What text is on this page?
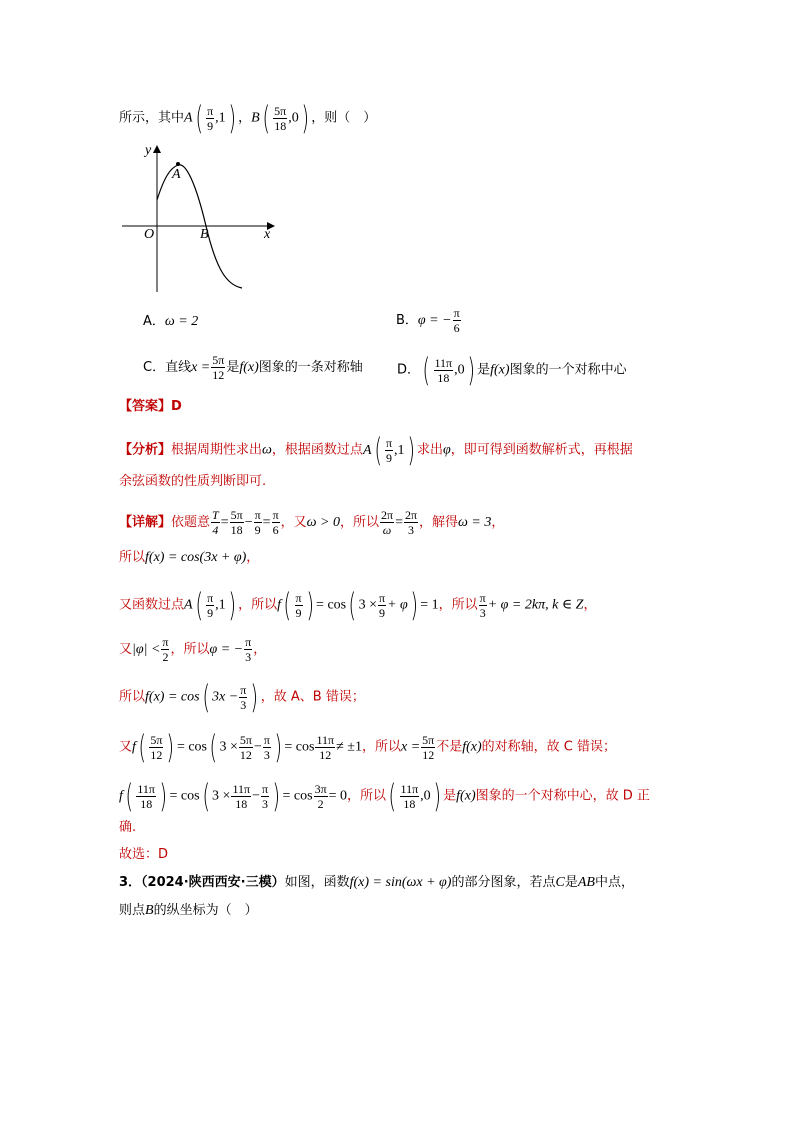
所示，其中$A( \frac{\pi}{9} ,1)$ ，$B( \frac{5\pi}{18} ,0)$ ，则（　）
y
x
O
A
B
A．ω = 2	B．φ = − $\frac{\pi}{6}$
C．直线$x = \frac{5\pi}{12}$ 是f(x)图象的一条对称轴	D．( $\frac{11\pi}{18} ,0$) 是f(x)图象的一个对称中心
【答案】D
【分析】根据周期性求出ω，根据函数过点$A( \frac{\pi}{9} ,1)$ 求出φ，即可得到函数解析式，再根据
余弦函数的性质判断即可.
【详解】依题意 $\frac{T}{4} = \frac{5\pi}{18} - \frac{\pi}{9} = \frac{\pi}{6}$ ，又ω > 0，所以 $\frac{2\pi}{\omega} = \frac{2\pi}{3}$ ，解得ω = 3，
所以f(x) = cos(3x + φ)，
又函数过点$A( \frac{\pi}{9} ,1)$ ，所以$f( \frac{\pi}{9}$ ) = cos( $3 \times \frac{\pi}{9} + \varphi) = 1$，所以 $\frac{\pi}{3} + \varphi = 2k\pi$, k ∈ Z，
又$|\varphi| < \frac{\pi}{2}$ ，所以φ = − $\frac{\pi}{3}$ ，
所以f(x) = cos( $3x - \frac{\pi}{3}$ ) ，故 A、B 错误；
又$f( \frac{5\pi}{12}$ ) = cos( $3 \times \frac{5\pi}{12} - \frac{\pi}{3}$ ) = $\cos \frac{11\pi}{12} \ne \pm 1$，所以$x = \frac{5\pi}{12}$ 不是f(x)的对称轴，故 C 错误；
$f( \frac{11\pi}{18}$ ) = cos( $3 \times \frac{11\pi}{18} - \frac{\pi}{3}$ ) = $\cos \frac{3\pi}{2} = 0$，所以( $\frac{11\pi}{18} ,0$) 是f(x)图象的一个对称中心，故 D 正
确.
故选：D
3．（2024·陕西西安·三模）如图，函数f(x) = sin(ωx + φ)的部分图象，若点C是AB中点，
则点B的纵坐标为（　）
